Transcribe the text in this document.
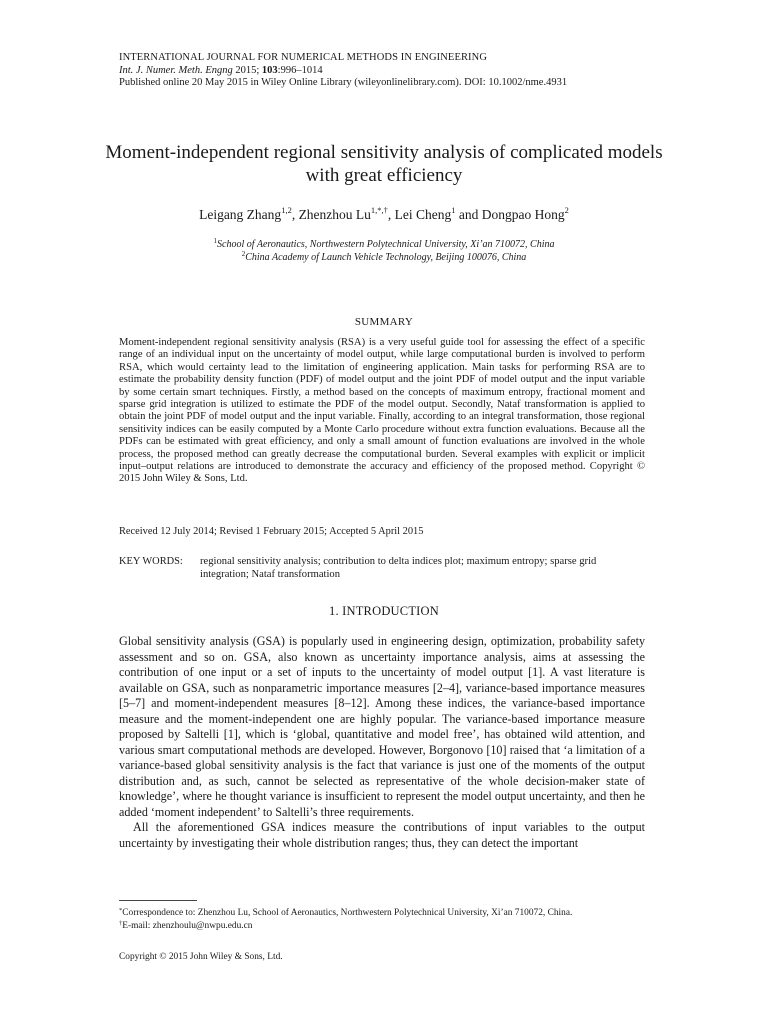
INTERNATIONAL JOURNAL FOR NUMERICAL METHODS IN ENGINEERING
Int. J. Numer. Meth. Engng 2015; 103:996–1014
Published online 20 May 2015 in Wiley Online Library (wileyonlinelibrary.com). DOI: 10.1002/nme.4931
Moment-independent regional sensitivity analysis of complicated models with great efficiency
Leigang Zhang$^{1,2}$, Zhenzhou $Lu^{1,*,\dagger}$, Lei Cheng$^1$ and Dongpao Hong$^2$
$^1$School of Aeronautics, Northwestern Polytechnical University, Xi’an 710072, China
$^2$China Academy of Launch Vehicle Technology, Beijing 100076, China
SUMMARY
Moment-independent regional sensitivity analysis (RSA) is a very useful guide tool for assessing the effect of a specific range of an individual input on the uncertainty of model output, while large computational burden is involved to perform RSA, which would certainty lead to the limitation of engineering application. Main tasks for performing RSA are to estimate the probability density function (PDF) of model output and the joint PDF of model output and the input variable by some certain smart techniques. Firstly, a method based on the concepts of maximum entropy, fractional moment and sparse grid integration is utilized to estimate the PDF of the model output. Secondly, Nataf transformation is applied to obtain the joint PDF of model output and the input variable. Finally, according to an integral transformation, those regional sensitivity indices can be easily computed by a Monte Carlo procedure without extra function evaluations. Because all the PDFs can be estimated with great efficiency, and only a small amount of function evaluations are involved in the whole process, the proposed method can greatly decrease the computational burden. Several examples with explicit or implicit input–output relations are introduced to demonstrate the accuracy and efficiency of the proposed method. Copyright © 2015 John Wiley & Sons, Ltd.
Received 12 July 2014; Revised 1 February 2015; Accepted 5 April 2015
KEY WORDS: regional sensitivity analysis; contribution to delta indices plot; maximum entropy; sparse grid integration; Nataf transformation
1. INTRODUCTION

Global sensitivity analysis (GSA) is popularly used in engineering design, optimization, probability safety assessment and so on. GSA, also known as uncertainty importance analysis, aims at assessing the contribution of one input or a set of inputs to the uncertainty of model output [1]. A vast literature is available on GSA, such as nonparametric importance measures [2–4], variance-based importance measures [5–7] and moment-independent measures [8–12]. Among these indices, the variance-based importance measure and the moment-independent one are highly popular. The variance-based importance measure proposed by Saltelli [1], which is ‘global, quantitative and model free’, has obtained wild attention, and various smart computational methods are developed. However, Borgonovo [10] raised that ‘a limitation of a variance-based global sensitivity analysis is the fact that variance is just one of the moments of the output distribution and, as such, cannot be selected as representative of the whole decision-maker state of knowledge’, where he thought variance is insufficient to represent the model output uncertainty, and then he added ‘moment independent’ to Saltelli’s three requirements.

All the aforementioned GSA indices measure the contributions of input variables to the output uncertainty by investigating their whole distribution ranges; thus, they can detect the important

*Correspondence to: Zhenzhou Lu, School of Aeronautics, Northwestern Polytechnical University, Xi’an 710072, China.
†E-mail: zhenzhoulu@nwpu.edu.cn
Copyright © 2015 John Wiley & Sons, Ltd.
